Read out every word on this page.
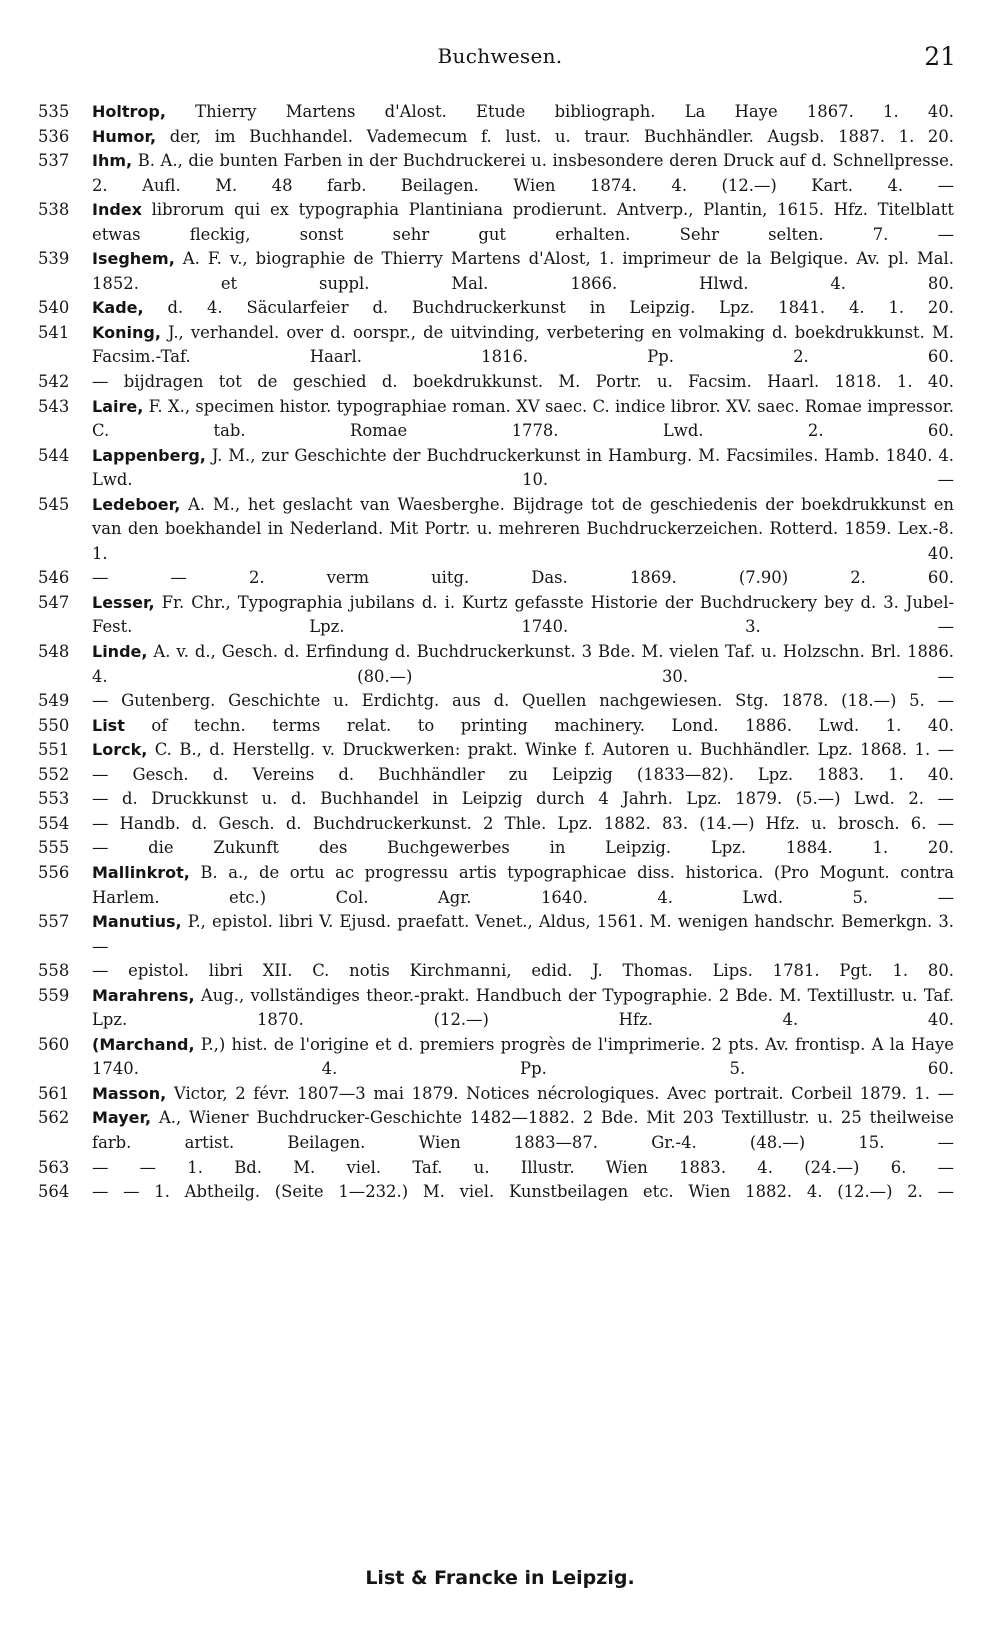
Buchwesen.	21
535	Holtrop, Thierry Martens d'Alost. Etude bibliograph. La Haye 1867. 1. 40.
536	Humor, der, im Buchhandel. Vademecum f. lust. u. traur. Buchhändler. Augsb. 1887. 1. 20.
537	Ihm, B. A., die bunten Farben in der Buchdruckerei u. insbesondere deren Druck auf d. Schnellpresse. 2. Aufl. M. 48 farb. Beilagen. Wien 1874. 4. (12.—) Kart. 4. —
538	Index librorum qui ex typographia Plantiniana prodierunt. Antverp., Plantin, 1615. Hfz. Titelblatt etwas fleckig, sonst sehr gut erhalten. Sehr selten. 7. —
539	Iseghem, A. F. v., biographie de Thierry Martens d'Alost, 1. imprimeur de la Belgique. Av. pl. Mal. 1852. et suppl. Mal. 1866. Hlwd. 4. 80.
540	Kade, d. 4. Säcularfeier d. Buchdruckerkunst in Leipzig. Lpz. 1841. 4. 1. 20.
541	Koning, J., verhandel. over d. oorspr., de uitvinding, verbetering en volmaking d. boekdrukkunst. M. Facsim.-Taf. Haarl. 1816. Pp. 2. 60.
542	— bijdragen tot de geschied d. boekdrukkunst. M. Portr. u. Facsim. Haarl. 1818. 1. 40.
543	Laire, F. X., specimen histor. typographiae roman. XV saec. C. indice libror. XV. saec. Romae impressor. C. tab. Romae 1778. Lwd. 2. 60.
544	Lappenberg, J. M., zur Geschichte der Buchdruckerkunst in Hamburg. M. Facsimiles. Hamb. 1840. 4. Lwd. 10. —
545	Ledeboer, A. M., het geslacht van Waesberghe. Bijdrage tot de geschiedenis der boekdrukkunst en van den boekhandel in Nederland. Mit Portr. u. mehreren Buchdruckerzeichen. Rotterd. 1859. Lex.-8. 1. 40.
546	— — 2. verm uitg. Das. 1869. (7.90) 2. 60.
547	Lesser, Fr. Chr., Typographia jubilans d. i. Kurtz gefasste Historie der Buchdruckery bey d. 3. Jubel-Fest. Lpz. 1740. 3. —
548	Linde, A. v. d., Gesch. d. Erfindung d. Buchdruckerkunst. 3 Bde. M. vielen Taf. u. Holzschn. Brl. 1886. 4. (80.—) 30. —
549	— Gutenberg. Geschichte u. Erdichtg. aus d. Quellen nachgewiesen. Stg. 1878. (18.—) 5. —
550	List of techn. terms relat. to printing machinery. Lond. 1886. Lwd. 1. 40.
551	Lorck, C. B., d. Herstellg. v. Druckwerken: prakt. Winke f. Autoren u. Buchhändler. Lpz. 1868. 1. —
552	— Gesch. d. Vereins d. Buchhändler zu Leipzig (1833—82). Lpz. 1883. 1. 40.
553	— d. Druckkunst u. d. Buchhandel in Leipzig durch 4 Jahrh. Lpz. 1879. (5.—) Lwd. 2. —
554	— Handb. d. Gesch. d. Buchdruckerkunst. 2 Thle. Lpz. 1882. 83. (14.—) Hfz. u. brosch. 6. —
555	— die Zukunft des Buchgewerbes in Leipzig. Lpz. 1884. 1. 20.
556	Mallinkrot, B. a., de ortu ac progressu artis typographicae diss. historica. (Pro Mogunt. contra Harlem. etc.) Col. Agr. 1640. 4. Lwd. 5. —
557	Manutius, P., epistol. libri V. Ejusd. praefatt. Venet., Aldus, 1561. M. wenigen handschr. Bemerkgn. 3. —
558	— epistol. libri XII. C. notis Kirchmanni, edid. J. Thomas. Lips. 1781. Pgt. 1. 80.
559	Marahrens, Aug., vollständiges theor.-prakt. Handbuch der Typographie. 2 Bde. M. Textillustr. u. Taf. Lpz. 1870. (12.—) Hfz. 4. 40.
560	(Marchand, P.,) hist. de l'origine et d. premiers progrès de l'imprimerie. 2 pts. Av. frontisp. A la Haye 1740. 4. Pp. 5. 60.
561	Masson, Victor, 2 févr. 1807—3 mai 1879. Notices nécrologiques. Avec portrait. Corbeil 1879. 1. —
562	Mayer, A., Wiener Buchdrucker-Geschichte 1482—1882. 2 Bde. Mit 203 Textillustr. u. 25 theilweise farb. artist. Beilagen. Wien 1883—87. Gr.-4. (48.—) 15. —
563	— — 1. Bd. M. viel. Taf. u. Illustr. Wien 1883. 4. (24.—) 6. —
564	— — 1. Abtheilg. (Seite 1—232.) M. viel. Kunstbeilagen etc. Wien 1882. 4. (12.—) 2. —
List & Francke in Leipzig.
